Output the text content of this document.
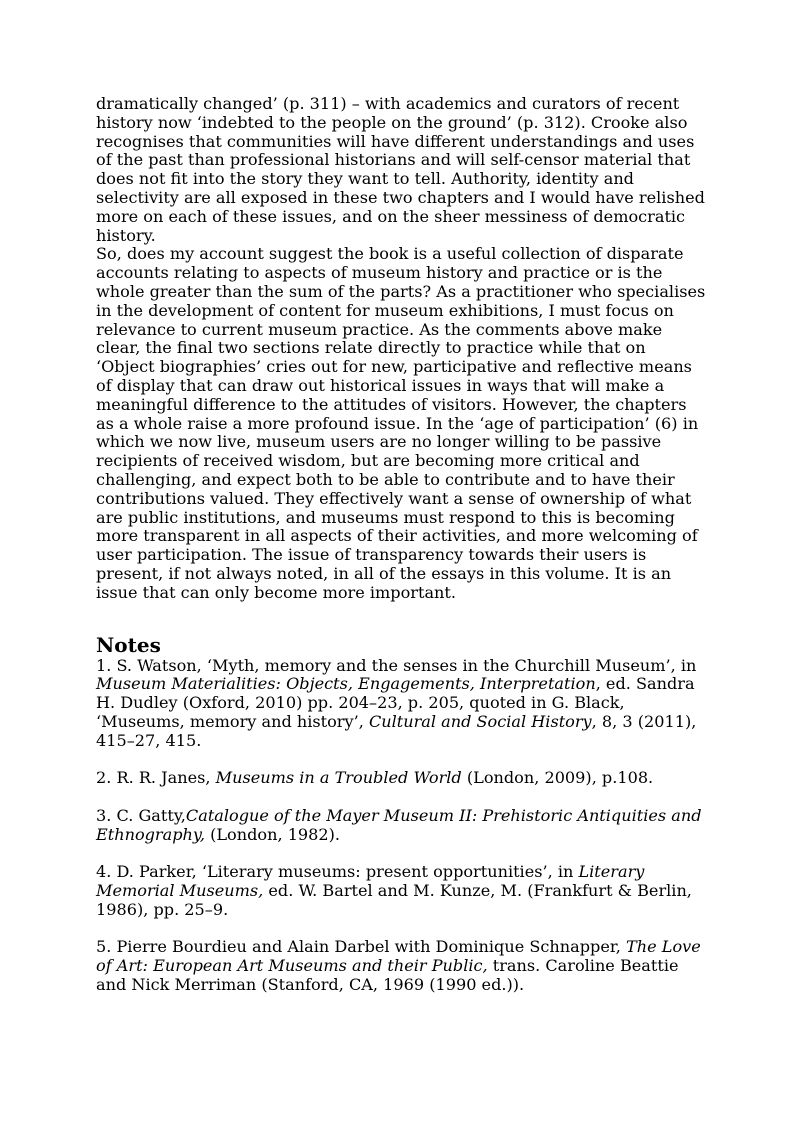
dramatically changed’ (p. 311) – with academics and curators of recent history now ‘indebted to the people on the ground’ (p. 312). Crooke also recognises that communities will have different understandings and uses of the past than professional historians and will self-censor material that does not fit into the story they want to tell. Authority, identity and selectivity are all exposed in these two chapters and I would have relished more on each of these issues, and on the sheer messiness of democratic history.

So, does my account suggest the book is a useful collection of disparate accounts relating to aspects of museum history and practice or is the whole greater than the sum of the parts? As a practitioner who specialises in the development of content for museum exhibitions, I must focus on relevance to current museum practice. As the comments above make clear, the final two sections relate directly to practice while that on ‘Object biographies’ cries out for new, participative and reflective means of display that can draw out historical issues in ways that will make a meaningful difference to the attitudes of visitors. However, the chapters as a whole raise a more profound issue. In the ‘age of participation’ (6) in which we now live, museum users are no longer willing to be passive recipients of received wisdom, but are becoming more critical and challenging, and expect both to be able to contribute and to have their contributions valued. They effectively want a sense of ownership of what are public institutions, and museums must respond to this is becoming more transparent in all aspects of their activities, and more welcoming of user participation. The issue of transparency towards their users is present, if not always noted, in all of the essays in this volume. It is an issue that can only become more important.

Notes

1. S. Watson, ‘Myth, memory and the senses in the Churchill Museum’, in Museum Materialities: Objects, Engagements, Interpretation, ed. Sandra H. Dudley (Oxford, 2010) pp. 204–23, p. 205, quoted in G. Black, ‘Museums, memory and history’, Cultural and Social History, 8, 3 (2011), 415–27, 415.

2. R. R. Janes, Museums in a Troubled World (London, 2009), p.108.

3. C. Gatty,Catalogue of the Mayer Museum II: Prehistoric Antiquities and Ethnography, (London, 1982).

4. D. Parker, ‘Literary museums: present opportunities’, in Literary Memorial Museums, ed. W. Bartel and M. Kunze, M. (Frankfurt & Berlin, 1986), pp. 25–9.

5. Pierre Bourdieu and Alain Darbel with Dominique Schnapper, The Love of Art: European Art Museums and their Public, trans. Caroline Beattie and Nick Merriman (Stanford, CA, 1969 (1990 ed.)).
